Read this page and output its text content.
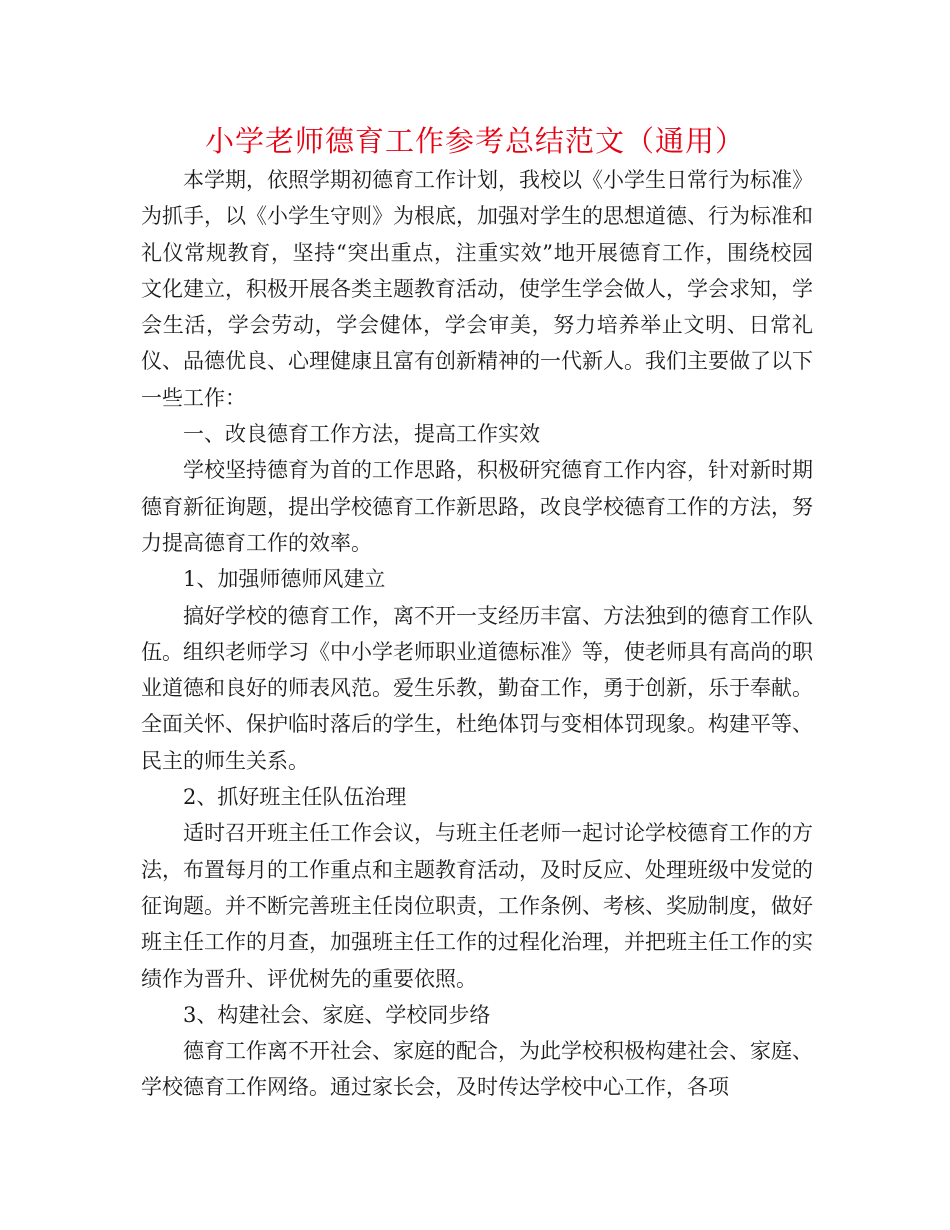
小学老师德育工作参考总结范文（通用）

本学期，依照学期初德育工作计划，我校以《小学生日常行为标准》为抓手，以《小学生守则》为根底，加强对学生的思想道德、行为标准和礼仪常规教育，坚持“突出重点，注重实效”地开展德育工作，围绕校园文化建立，积极开展各类主题教育活动，使学生学会做人，学会求知，学会生活，学会劳动，学会健体，学会审美，努力培养举止文明、日常礼仪、品德优良、心理健康且富有创新精神的一代新人。我们主要做了以下一些工作：

一、改良德育工作方法，提高工作实效

学校坚持德育为首的工作思路，积极研究德育工作内容，针对新时期德育新征询题，提出学校德育工作新思路，改良学校德育工作的方法，努力提高德育工作的效率。

1、加强师德师风建立

搞好学校的德育工作，离不开一支经历丰富、方法独到的德育工作队伍。组织老师学习《中小学老师职业道德标准》等，使老师具有高尚的职业道德和良好的师表风范。爱生乐教，勤奋工作，勇于创新，乐于奉献。全面关怀、保护临时落后的学生，杜绝体罚与变相体罚现象。构建平等、民主的师生关系。

2、抓好班主任队伍治理

适时召开班主任工作会议，与班主任老师一起讨论学校德育工作的方法，布置每月的工作重点和主题教育活动，及时反应、处理班级中发觉的征询题。并不断完善班主任岗位职责，工作条例、考核、奖励制度，做好班主任工作的月查，加强班主任工作的过程化治理，并把班主任工作的实绩作为晋升、评优树先的重要依照。

3、构建社会、家庭、学校同步络

德育工作离不开社会、家庭的配合，为此学校积极构建社会、家庭、学校德育工作网络。通过家长会，及时传达学校中心工作，各项
